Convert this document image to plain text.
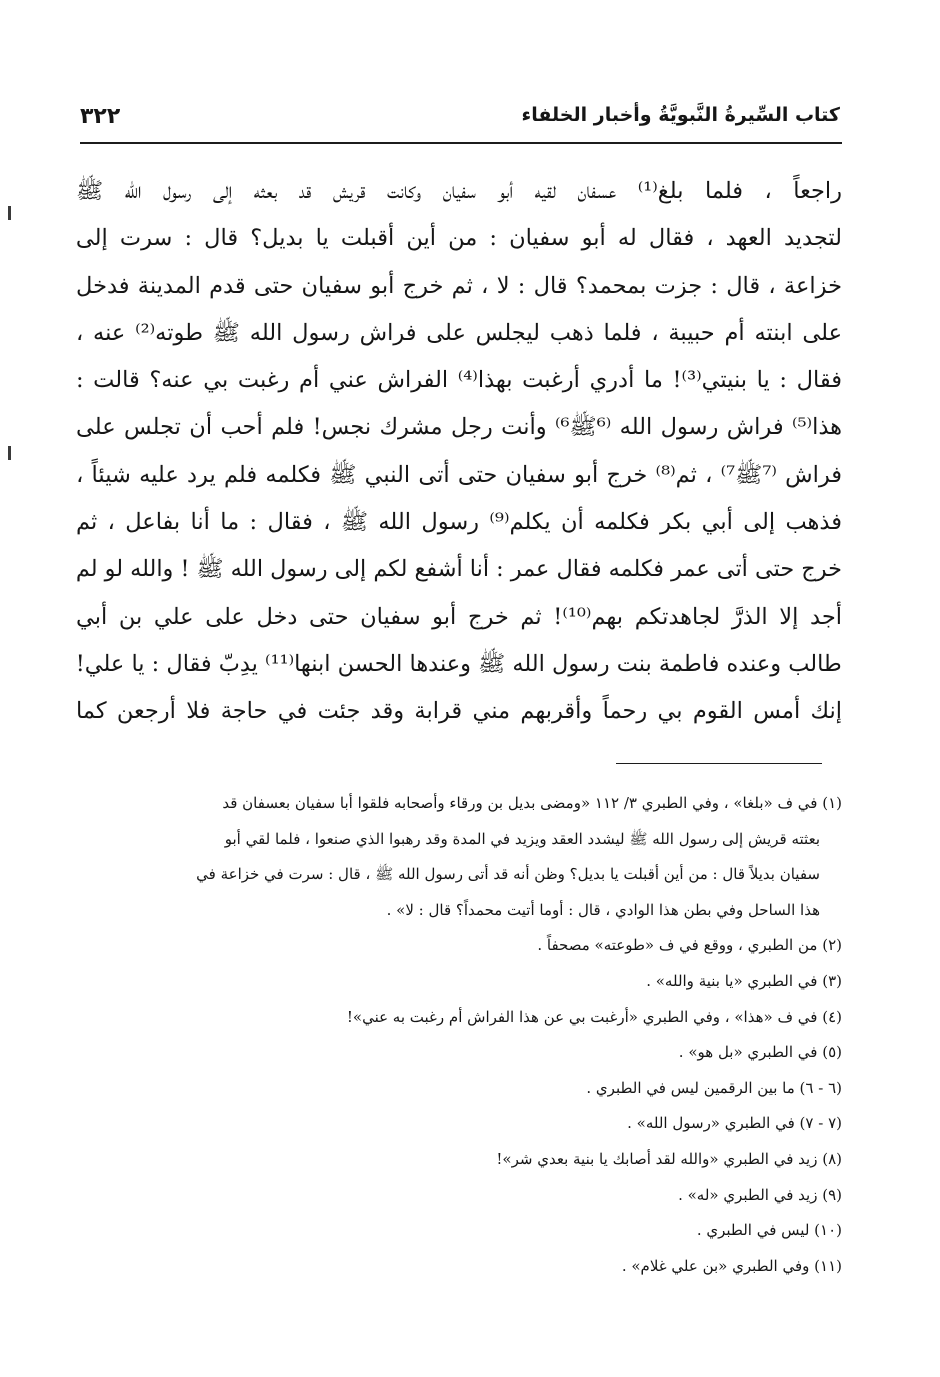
كتاب السِّيرةُ النَّبويَّةُ وأخبار الخلفاء
٣٢٢
راجعاً ، فلما بلغ⁽¹⁾ عسفان لقيه أبو سفيان وكانت قريش قد بعثه إلى رسول الله ﷺ
لتجديد العهد ، فقال له أبو سفيان : من أين أقبلت يا بديل؟ قال : سرت إلى
خزاعة ، قال : جزت بمحمد؟ قال : لا ، ثم خرج أبو سفيان حتى قدم المدينة فدخل
على ابنته أم حبيبة ، فلما ذهب ليجلس على فراش رسول الله ﷺ طوته⁽²⁾ عنه ،
فقال : يا بنيتي⁽³⁾! ما أدري أرغبت بهذا⁽⁴⁾ الفراش عني أم رغبت بي عنه؟ قالت :
هذا⁽⁵⁾ فراش رسول الله ⁽⁶ﷺ⁶⁾ وأنت رجل مشرك نجس! فلم أحب أن تجلس على
فراش ⁽⁷ﷺ⁷⁾ ، ثم⁽⁸⁾ خرج أبو سفيان حتى أتى النبي ﷺ فكلمه فلم يرد عليه شيئاً ،
فذهب إلى أبي بكر فكلمه أن يكلم⁽⁹⁾ رسول الله ﷺ ، فقال : ما أنا بفاعل ، ثم
خرج حتى أتى عمر فكلمه فقال عمر : أنا أشفع لكم إلى رسول الله ﷺ ! والله لو لم
أجد إلا الذرَّ لجاهدتكم بهم⁽¹⁰⁾! ثم خرج أبو سفيان حتى دخل على علي بن أبي
طالب وعنده فاطمة بنت رسول الله ﷺ وعندها الحسن ابنها⁽¹¹⁾ يدِبّ فقال : يا علي!
إنك أمس القوم بي رحماً وأقربهم مني قرابة وقد جئت في حاجة فلا أرجعن كما
(١) في ف «بلغا» ، وفي الطبري ٣/ ١١٢ «ومضى بديل بن ورقاء وأصحابه فلقوا أبا سفيان بعسفان قد
بعثته قريش إلى رسول الله ﷺ ليشدد العقد ويزيد في المدة وقد رهبوا الذي صنعوا ، فلما لقي أبو
سفيان بديلاً قال : من أين أقبلت يا بديل؟ وظن أنه قد أتى رسول الله ﷺ ، قال : سرت في خزاعة في
هذا الساحل وفي بطن هذا الوادي ، قال : أوما أتيت محمداً؟ قال : لا» .
(٢) من الطبري ، ووقع في ف «طوعته» مصحفاً .
(٣) في الطبري «يا بنية والله» .
(٤) في ف «هذا» ، وفي الطبري «أرغبت بي عن هذا الفراش أم رغبت به عني»!
(٥) في الطبري «بل هو» .
(٦ - ٦) ما بين الرقمين ليس في الطبري .
(٧ - ٧) في الطبري «رسول الله» .
(٨) زيد في الطبري «والله لقد أصابك يا بنية بعدي شر»!
(٩) زيد في الطبري «له» .
(١٠) ليس في الطبري .
(١١) وفي الطبري «بن علي غلام» .
